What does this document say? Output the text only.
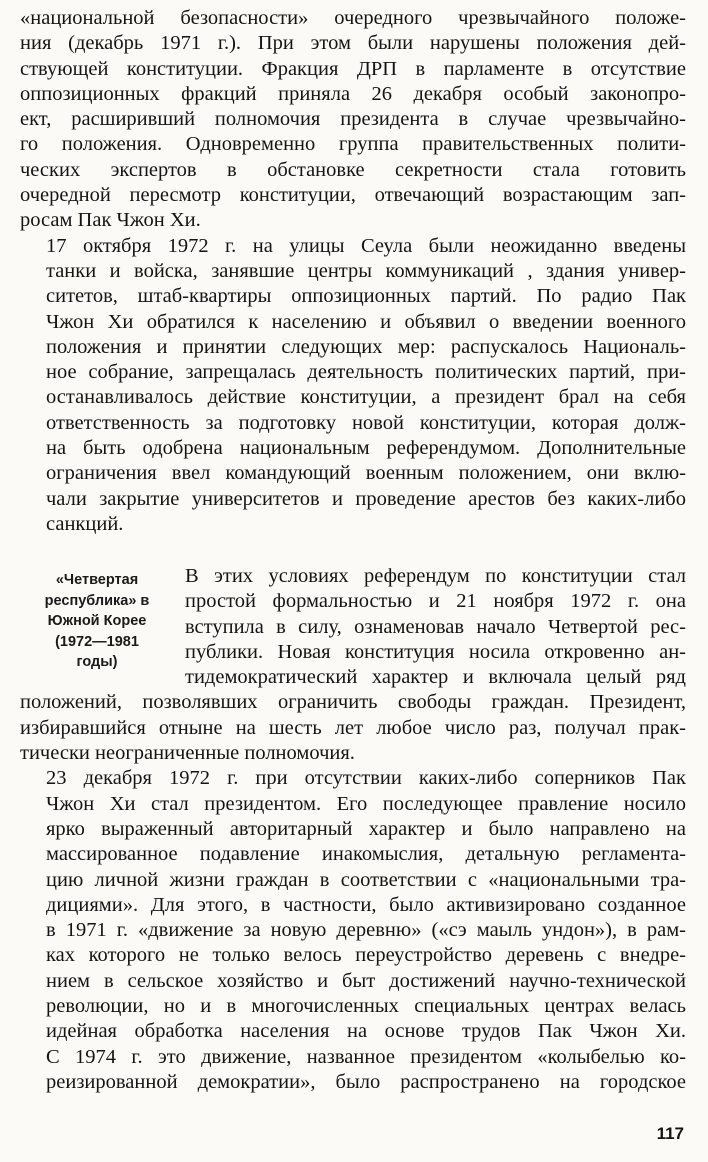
«национальной безопасности» очередного чрезвычайного положе-
ния (декабрь 1971 г.). При этом были нарушены положения дей-
ствующей конституции. Фракция ДРП в парламенте в отсутствие
оппозиционных фракций приняла 26 декабря особый законопро-
ект, расширивший полномочия президента в случае чрезвычайно-
го положения. Одновременно группа правительственных полити-
ческих экспертов в обстановке секретности стала готовить
очередной пересмотр конституции, отвечающий возрастающим зап-
росам Пак Чжон Хи.
17 октября 1972 г. на улицы Сеула были неожиданно введены
танки и войска, занявшие центры коммуникаций , здания универ-
ситетов, штаб-квартиры оппозиционных партий. По радио Пак
Чжон Хи обратился к населению и объявил о введении военного
положения и принятии следующих мер: распускалось Националь-
ное собрание, запрещалась деятельность политических партий, при-
останавливалось действие конституции, а президент брал на себя
ответственность за подготовку новой конституции, которая долж-
на быть одобрена национальным референдумом. Дополнительные
ограничения ввел командующий военным положением, они вклю-
чали закрытие университетов и проведение арестов без каких-либо
санкций.
«Четвертая
республика» в
Южной Корее
(1972—1981
годы)
В этих условиях референдум по конституции стал
простой формальностью и 21 ноября 1972 г. она
вступила в силу, ознаменовав начало Четвертой рес-
публики. Новая конституция носила откровенно ан-
тидемократический характер и включала целый ряд
положений, позволявших ограничить свободы граждан. Президент,
избиравшийся отныне на шесть лет любое число раз, получал прак-
тически неограниченные полномочия.
23 декабря 1972 г. при отсутствии каких-либо соперников Пак
Чжон Хи стал президентом. Его последующее правление носило
ярко выраженный авторитарный характер и было направлено на
массированное подавление инакомыслия, детальную регламента-
цию личной жизни граждан в соответствии с «национальными тра-
дициями». Для этого, в частности, было активизировано созданное
в 1971 г. «движение за новую деревню» («сэ маыль ундон»), в рам-
ках которого не только велось переустройство деревень с внедре-
нием в сельское хозяйство и быт достижений научно-технической
революции, но и в многочисленных специальных центрах велась
идейная обработка населения на основе трудов Пак Чжон Хи.
С 1974 г. это движение, названное президентом «колыбелью ко-
реизированной демократии», было распространено на городское
117
